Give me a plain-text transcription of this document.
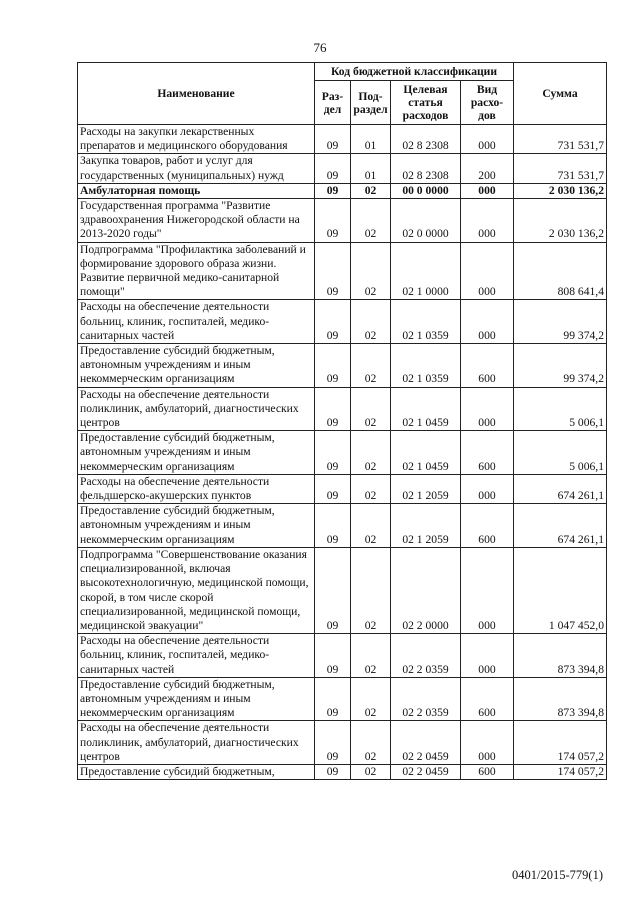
76
Наименование	Код бюджетной классификации				Сумма
	Раз-дел	Под-раздел	Целевая статья расходов	Вид расхо-дов	
Расходы на закупки лекарственных препаратов и медицинского оборудования	09	01	02 8 2308	000	731 531,7
Закупка товаров, работ и услуг для государственных (муниципальных) нужд	09	01	02 8 2308	200	731 531,7
Амбулаторная помощь	09	02	00 0 0000	000	2 030 136,2
Государственная программа "Развитие здравоохранения Нижегородской области на 2013-2020 годы"	09	02	02 0 0000	000	2 030 136,2
Подпрограмма "Профилактика заболеваний и формирование здорового образа жизни. Развитие первичной медико-санитарной помощи"	09	02	02 1 0000	000	808 641,4
Расходы на обеспечение деятельности больниц, клиник, госпиталей, медико-санитарных частей	09	02	02 1 0359	000	99 374,2
Предоставление субсидий бюджетным, автономным учреждениям и иным некоммерческим организациям	09	02	02 1 0359	600	99 374,2
Расходы на обеспечение деятельности поликлиник, амбулаторий, диагностических центров	09	02	02 1 0459	000	5 006,1
Предоставление субсидий бюджетным, автономным учреждениям и иным некоммерческим организациям	09	02	02 1 0459	600	5 006,1
Расходы на обеспечение деятельности фельдшерско-акушерских пунктов	09	02	02 1 2059	000	674 261,1
Предоставление субсидий бюджетным, автономным учреждениям и иным некоммерческим организациям	09	02	02 1 2059	600	674 261,1
Подпрограмма "Совершенствование оказания специализированной, включая высокотехнологичную, медицинской помощи, скорой, в том числе скорой специализированной, медицинской помощи, медицинской эвакуации"	09	02	02 2 0000	000	1 047 452,0
Расходы на обеспечение деятельности больниц, клиник, госпиталей, медико-санитарных частей	09	02	02 2 0359	000	873 394,8
Предоставление субсидий бюджетным, автономным учреждениям и иным некоммерческим организациям	09	02	02 2 0359	600	873 394,8
Расходы на обеспечение деятельности поликлиник, амбулаторий, диагностических центров	09	02	02 2 0459	000	174 057,2
Предоставление субсидий бюджетным,	09	02	02 2 0459	600	174 057,2
0401/2015-779(1)
